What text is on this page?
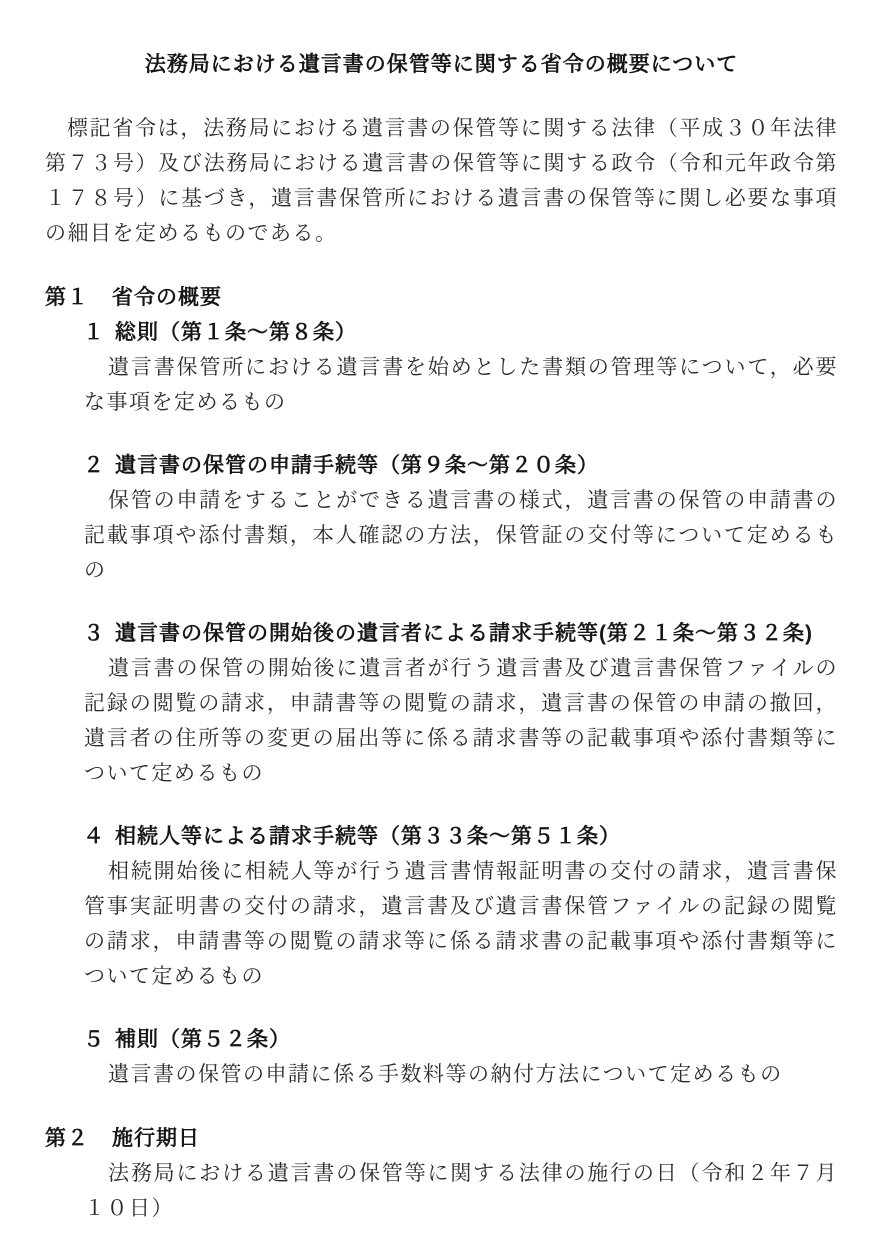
法務局における遺言書の保管等に関する省令の概要について
標記省令は，法務局における遺言書の保管等に関する法律（平成３０年法律第７３号）及び法務局における遺言書の保管等に関する政令（令和元年政令第１７８号）に基づき，遺言書保管所における遺言書の保管等に関し必要な事項の細目を定めるものである。
第１ 省令の概要
１ 総則（第１条～第８条）
遺言書保管所における遺言書を始めとした書類の管理等について，必要な事項を定めるもの
２ 遺言書の保管の申請手続等（第９条～第２０条）
保管の申請をすることができる遺言書の様式，遺言書の保管の申請書の記載事項や添付書類，本人確認の方法，保管証の交付等について定めるもの
３ 遺言書の保管の開始後の遺言者による請求手続等(第２１条～第３２条)
遺言書の保管の開始後に遺言者が行う遺言書及び遺言書保管ファイルの記録の閲覧の請求，申請書等の閲覧の請求，遺言書の保管の申請の撤回，遺言者の住所等の変更の届出等に係る請求書等の記載事項や添付書類等について定めるもの
４ 相続人等による請求手続等（第３３条～第５１条）
相続開始後に相続人等が行う遺言書情報証明書の交付の請求，遺言書保管事実証明書の交付の請求，遺言書及び遺言書保管ファイルの記録の閲覧の請求，申請書等の閲覧の請求等に係る請求書の記載事項や添付書類等について定めるもの
５ 補則（第５２条）
遺言書の保管の申請に係る手数料等の納付方法について定めるもの
第２ 施行期日
法務局における遺言書の保管等に関する法律の施行の日（令和２年７月１０日）
